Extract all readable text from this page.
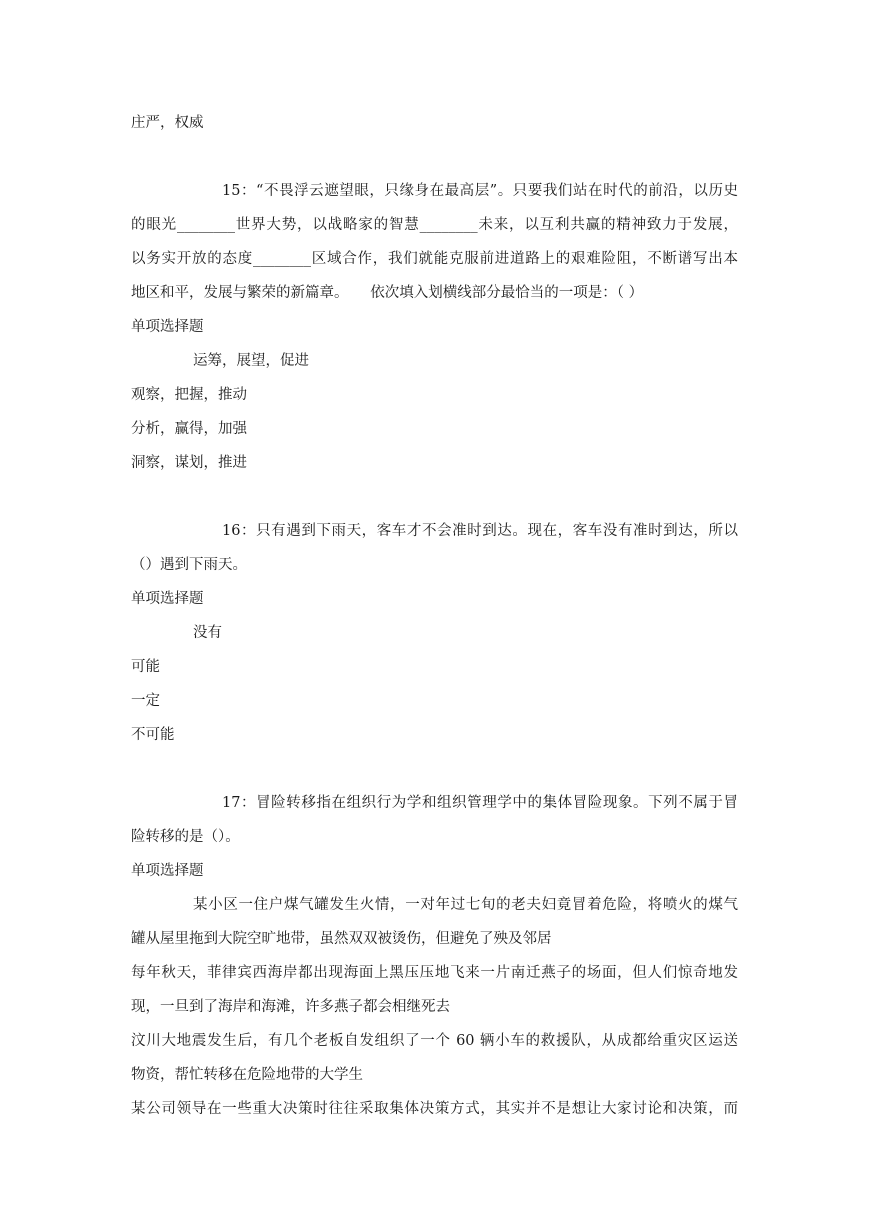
庄严，权威
15：“不畏浮云遮望眼，只缘身在最高层”。只要我们站在时代的前沿，以历史
的眼光________世界大势，以战略家的智慧________未来，以互利共赢的精神致力于发展，
以务实开放的态度________区域合作，我们就能克服前进道路上的艰难险阻，不断谱写出本
地区和平，发展与繁荣的新篇章。　　依次填入划横线部分最恰当的一项是：（ ）
单项选择题
运筹，展望，促进
观察，把握，推动
分析，赢得，加强
洞察，谋划，推进
16：只有遇到下雨天，客车才不会准时到达。现在，客车没有准时到达，所以
（）遇到下雨天。
单项选择题
没有
可能
一定
不可能
17：冒险转移指在组织行为学和组织管理学中的集体冒险现象。下列不属于冒
险转移的是（）。
单项选择题
某小区一住户煤气罐发生火情，一对年过七旬的老夫妇竟冒着危险，将喷火的煤气
罐从屋里拖到大院空旷地带，虽然双双被烫伤，但避免了殃及邻居
每年秋天，菲律宾西海岸都出现海面上黑压压地飞来一片南迁燕子的场面，但人们惊奇地发
现，一旦到了海岸和海滩，许多燕子都会相继死去
汶川大地震发生后，有几个老板自发组织了一个 60 辆小车的救援队，从成都给重灾区运送
物资，帮忙转移在危险地带的大学生
某公司领导在一些重大决策时往往采取集体决策方式，其实并不是想让大家讨论和决策，而
